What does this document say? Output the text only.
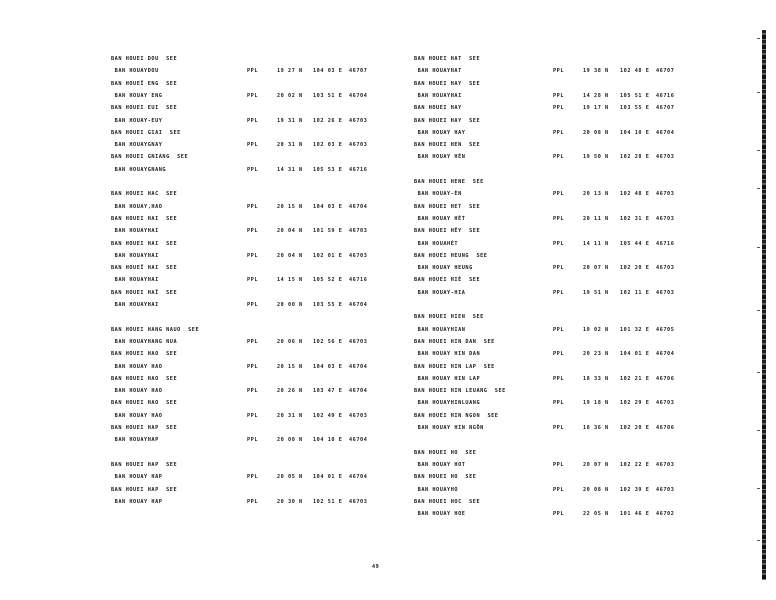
BAN HOUEI DOU  SEE
BAN HOUAYDOU	PPL	19 27 N 104 03 E 46707
BAN HOUEÏ ENG  SEE
BAN HOUAY ENG	PPL	20 02 N 103 51 E 46704
BAN HOUEI EUI  SEE
BAN HOUAY-EUY	PPL	19 31 N 102 26 E 46703
BAN HOUEI GIAI  SEE
BAN HOUAYGNAY	PPL	20 31 N 102 03 E 46703
BAN HOUEI GNIANG  SEE
BAN HOUAYGNANG	PPL	14 31 N 105 53 E 46716
BAN HOUEI HAC  SEE
BAN HOUAY,HAO	PPL	20 15 N 104 03 E 46704
BAN HOUEI HAI  SEE
BAN HOUAYHAI	PPL	20 04 N 101 59 E 46703
BAN HOUEI HAI  SEE
BAN HOUAYHAI	PPL	20 04 N 102 01 E 46703
BAN HOUEÏ HAI  SEE
BAN HOUAYHAI	PPL	14 15 N 105 52 E 46716
BAN HOUEI HAÏ  SEE
BAN HOUAYHAI	PPL	20 00 N 103 55 E 46704
BAN HOUEI HANG NAUO  SEE
BAN HOUAYHANG NUA	PPL	20 06 N 102 56 E 46703
BAN HOUEI HAO  SEE
BAN HOUAY HAO	PPL	20 15 N 104 03 E 46704
BAN HOUEI HAO  SEE
BAN HOUAY HAO	PPL	20 26 N 103 47 E 46704
BAN HOUEI HAO  SEE
BAN HOUAY HAO	PPL	20 31 N 102 49 E 46703
BAN HOUEI HAP  SEE
BAN HOUAYHAP	PPL	20 00 N 104 10 E 46704
BAN HOUEI HAP  SEE
BAN HOUAY HAP	PPL	20 05 N 104 01 E 46704
BAN HOUEI HAP  SEE
BAN HOUAY HAP	PPL	20 30 N 102 51 E 46703
BAN HOUEI HAT  SEE
BAN HOUAYHAT	PPL	19 38 N 102 48 E 46707
BAN HOUEI HAY  SEE
BAN HOUAYHAI	PPL	14 28 N 105 51 E 46716
BAN HOUEI HAY	PPL	19 17 N 103 55 E 46707
BAN HOUEI HAY  SEE
BAN HOUAY HAY	PPL	20 08 N 104 10 E 46704
BAN HOUEI HEN  SEE
BAN HOUAY HÈN	PPL	19 50 N 102 28 E 46703
BAN HOUEI HENE  SEE
BAN HOUAY-ÈN	PPL	20 13 N 102 48 E 46703
BAN HOUEI HET  SEE
BAN HOUAY HÈT	PPL	20 11 N 102 31 E 46703
BAN HOUEI HÊY  SEE
BAN HOUAHÈT	PPL	14 11 N 105 44 E 46716
BAN HOUEI HEUNG  SEE
BAN HOUAY HEUNG	PPL	20 07 N 102 20 E 46703
BAN HOUEI HIÈ  SEE
BAN HOUAY-HIA	PPL	19 51 N 102 11 E 46703
BAN HOUEI HIEN  SEE
BAN HOUAYHIAN	PPL	19 02 N 101 32 E 46705
BAN HOUEI HIN DAN  SEE
BAN HOUAY HIN DAN	PPL	20 23 N 104 01 E 46704
BAN HOUEI HIN LAP  SEE
BAN HOUAY HIN LAP	PPL	18 33 N 102 21 E 46706
BAN HOUEI HIN LEUANG  SEE
BAN HOUAYHINLUANG	PPL	19 18 N 102 29 E 46703
BAN HOUEI HIN NGON  SEE
BAN HOUAY HIN NGÔN	PPL	18 36 N 102 20 E 46706
BAN HOUEI HO  SEE
BAN HOUAY HOT	PPL	20 07 N 102 22 E 46703
BAN HOUEI HO  SEE
BAN HOUAYHO	PPL	20 08 N 102 39 E 46703
BAN HOUEI HOC  SEE
BAN HOUAY HOE	PPL	22 05 N 101 46 E 46702
49
